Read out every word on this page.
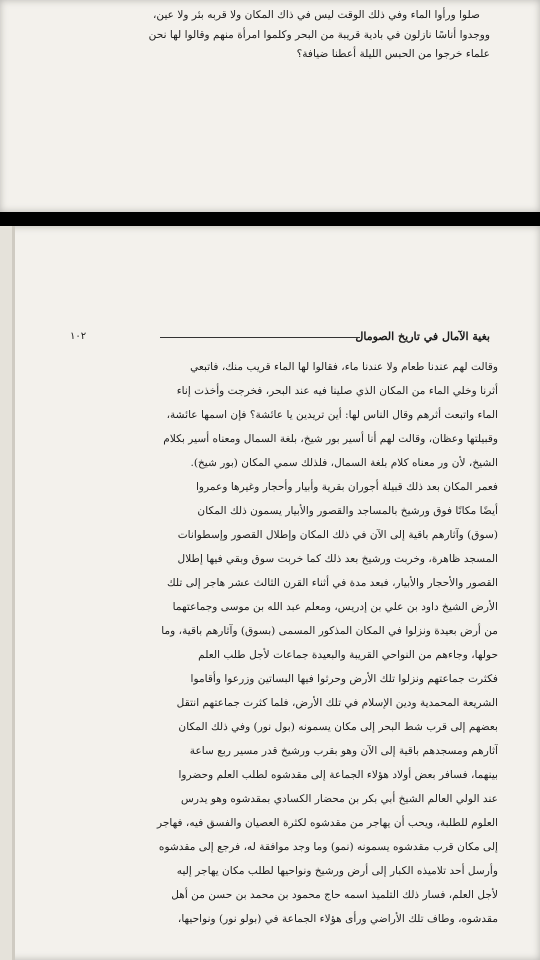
صلوا ورأوا الماء وفي ذلك الوقت ليس في ذاك المكان ولا قربه بئر ولا عين،
ووجدوا أناسًا نازلون في بادية قريبة من البحر وكلموا امرأة منهم وقالوا لها نحن
علماء خرجوا من الحبس الليلة أعطنا ضيافة؟
بغية الآمال في تاريخ الصومال
١٠٢
وقالت لهم عندنا طعام ولا عندنا ماء، فقالوا لها الماء قريب منك، فاتبعي
أثرنا وخلي الماء من المكان الذي صلينا فيه عند البحر، فخرجت وأخذت إناء
الماء واتبعت أثرهم وقال الناس لها: أين تريدين يا عائشة؟ فإن اسمها عائشة،
وقبيلتها وعظان، وقالت لهم أنا أسير بور شيخ، بلغة السمال ومعناه أسير بكلام
الشيخ، لأن ور معناه كلام بلغة السمال، فلذلك سمي المكان (بور شيخ).
فعمر المكان بعد ذلك قبيلة أجوران بقرية وأبيار وأحجار وغيرها وعمروا
أيضًا مكانًا فوق ورشيخ بالمساجد والقصور والأبيار يسمون ذلك المكان
(سوق) وآثارهم باقية إلى الآن في ذلك المكان وإطلال القصور وإسطوانات
المسجد ظاهرة، وخربت ورشيخ بعد ذلك كما خربت سوق وبقي فيها إطلال
القصور والأحجار والأبيار، فبعد مدة في أثناء القرن الثالث عشر هاجر إلى تلك
الأرض الشيخ داود بن علي بن إدريس، ومعلم عبد الله بن موسى وجماعتهما
من أرض بعيدة ونزلوا في المكان المذكور المسمى (بسوق) وآثارهم باقية، وما
حولها، وجاءهم من النواحي القريبة والبعيدة جماعات لأجل طلب العلم
فكثرت جماعتهم ونزلوا تلك الأرض وحرثوا فيها البساتين وزرعوا وأقاموا
الشريعة المحمدية ودين الإسلام في تلك الأرض، فلما كثرت جماعتهم انتقل
بعضهم إلى قرب شط البحر إلى مكان يسمونه (بول نور) وفي ذلك المكان
آثارهم ومسجدهم باقية إلى الآن وهو بقرب ورشيخ قدر مسير ربع ساعة
بينهما، فسافر بعض أولاد هؤلاء الجماعة إلى مقدشوه لطلب العلم وحضروا
عند الولي العالم الشيخ أبي بكر بن محضار الكسادي بمقدشوه وهو يدرس
العلوم للطلبة، ويحب أن يهاجر من مقدشوه لكثرة العصيان والفسق فيه، فهاجر
إلى مكان قرب مقدشوه يسمونه (نمو) وما وجد موافقة له، فرجع إلى مقدشوه
وأرسل أحد تلاميذه الكبار إلى أرض ورشيخ ونواحيها لطلب مكان يهاجر إليه
لأجل العلم، فسار ذلك التلميذ اسمه حاج محمود بن محمد بن حسن من أهل
مقدشوه، وطاف تلك الأراضي ورأى هؤلاء الجماعة في (بولو نور) ونواحيها،
